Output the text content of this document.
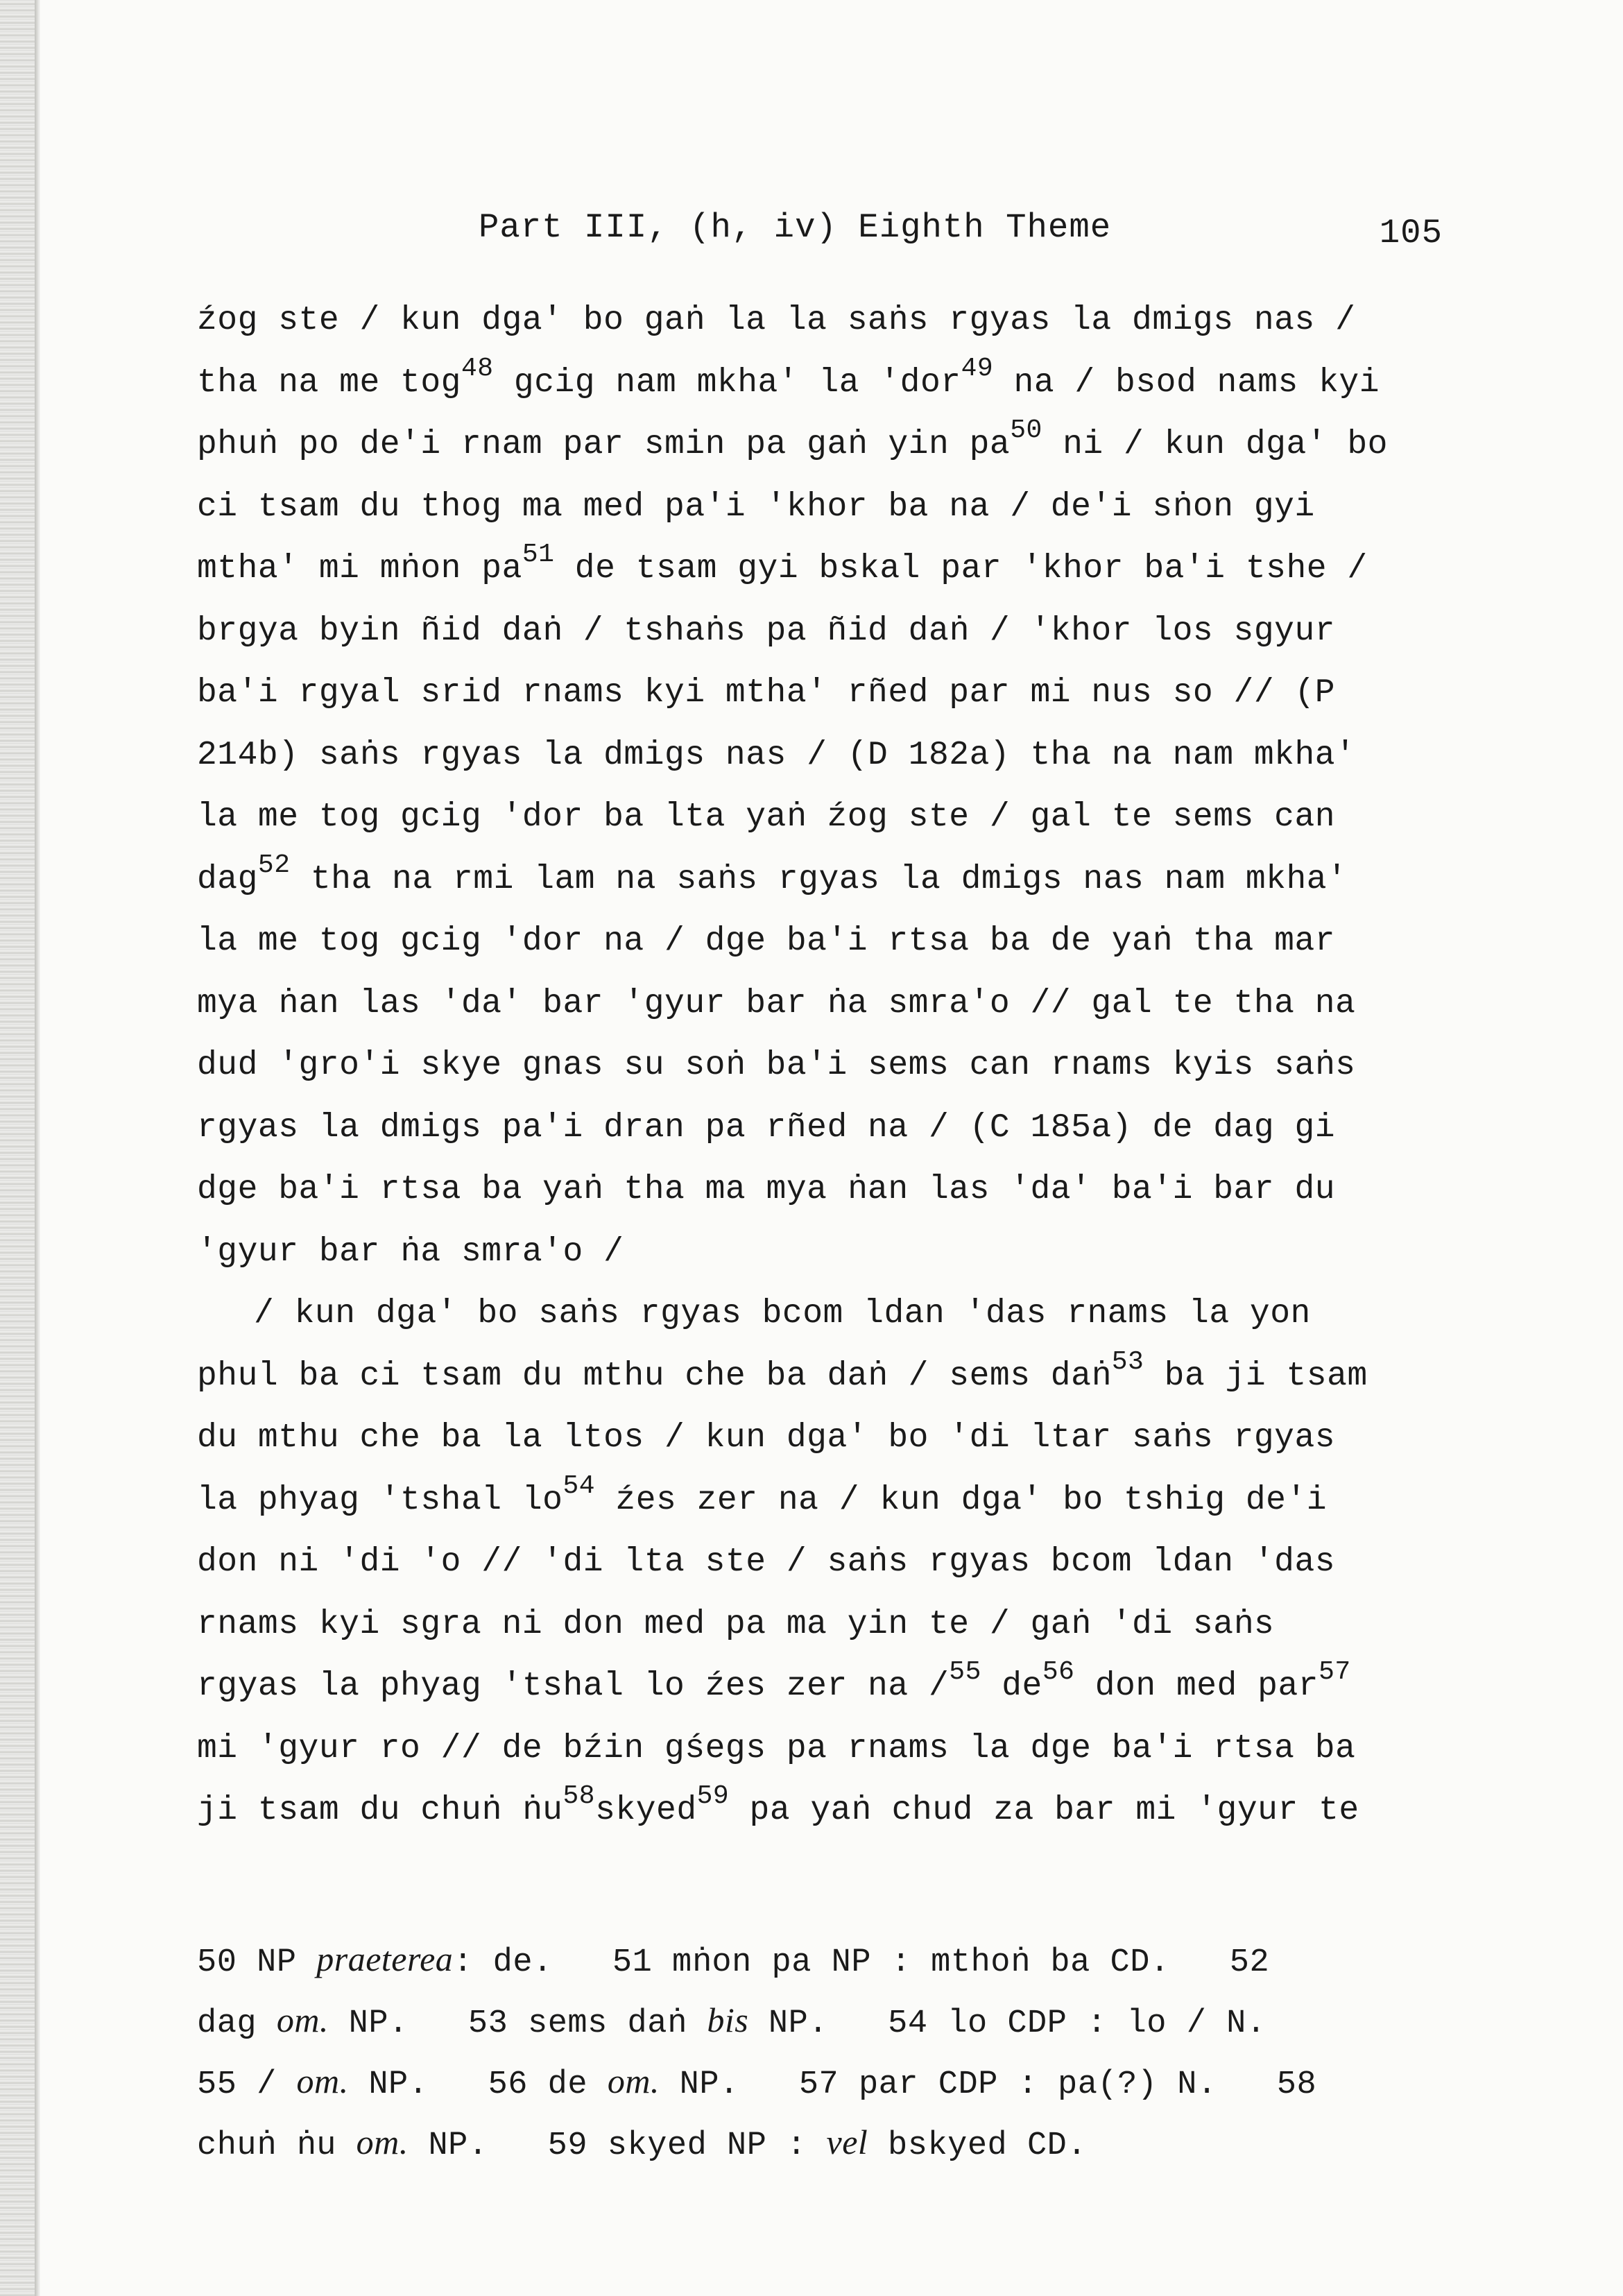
Part III, (h, iv) Eighth Theme	105
źog ste / kun dga' bo gaṅ la la saṅs rgyas la dmigs nas /
tha na me tog$^{48}$ gcig nam mkha' la 'dor$^{49}$ na / bsod nams kyi
phuṅ po de'i rnam par smin pa gaṅ yin $pa^{50}$ ni / kun dga' bo
ci tsam du thog ma med pa'i 'khor ba na / de'i sṅon gyi
mtha' mi mṅon $pa^{51}$ de tsam gyi bskal par 'khor ba'i tshe /
brgya byin ñid daṅ / tshaṅs pa ñid daṅ / 'khor los sgyur
ba'i rgyal srid rnams kyi mtha' rñed par mi nus so // (P
214b) saṅs rgyas la dmigs nas / (D 182a) tha na nam mkha'
la me tog gcig 'dor ba lta yaṅ źog ste / gal te sems can
dag$^{52}$ tha na rmi lam na saṅs rgyas la dmigs nas nam mkha'
la me tog gcig 'dor na / dge ba'i rtsa ba de yaṅ tha mar
mya ṅan las 'da' bar 'gyur bar ṅa smra'o // gal te tha na
dud 'gro'i skye gnas su soṅ ba'i sems can rnams kyis saṅs
rgyas la dmigs pa'i dran pa rñed na / (C 185a) de dag gi
dge ba'i rtsa ba yaṅ tha ma mya ṅan las 'da' ba'i bar du
'gyur bar ṅa smra'o /
/ kun dga' bo saṅs rgyas bcom ldan 'das rnams la yon
phul ba ci tsam du mthu che ba daṅ / sems daṅ$^{53}$ ba ji tsam
du mthu che ba la ltos / kun dga' bo 'di ltar saṅs rgyas
la phyag 'tshal $lo^{54}$ źes zer na / kun dga' bo tshig de'i
don ni 'di 'o // 'di lta ste / saṅs rgyas bcom ldan 'das
rnams kyi sgra ni don med pa ma yin te / gaṅ 'di saṅs
rgyas la phyag 'tshal lo źes zer na /$^{55}$ $de^{56}$ don med par$^{57}$
mi 'gyur ro // de bźin gśegs pa rnams la dge ba'i rtsa ba
ji tsam du chuṅ ṅu$^{58}$skyed$^{59}$ pa yaṅ chud za bar mi 'gyur te
50 NP praeterea: de.   51 mṅon pa NP : mthoṅ ba CD.   52
dag om. NP.   53 sems daṅ bis NP.   54 lo CDP : lo / N.
55 / om. NP.   56 de om. NP.   57 par CDP : pa(?) N.   58
chuṅ ṅu om. NP.   59 skyed NP : vel bskyed CD.
